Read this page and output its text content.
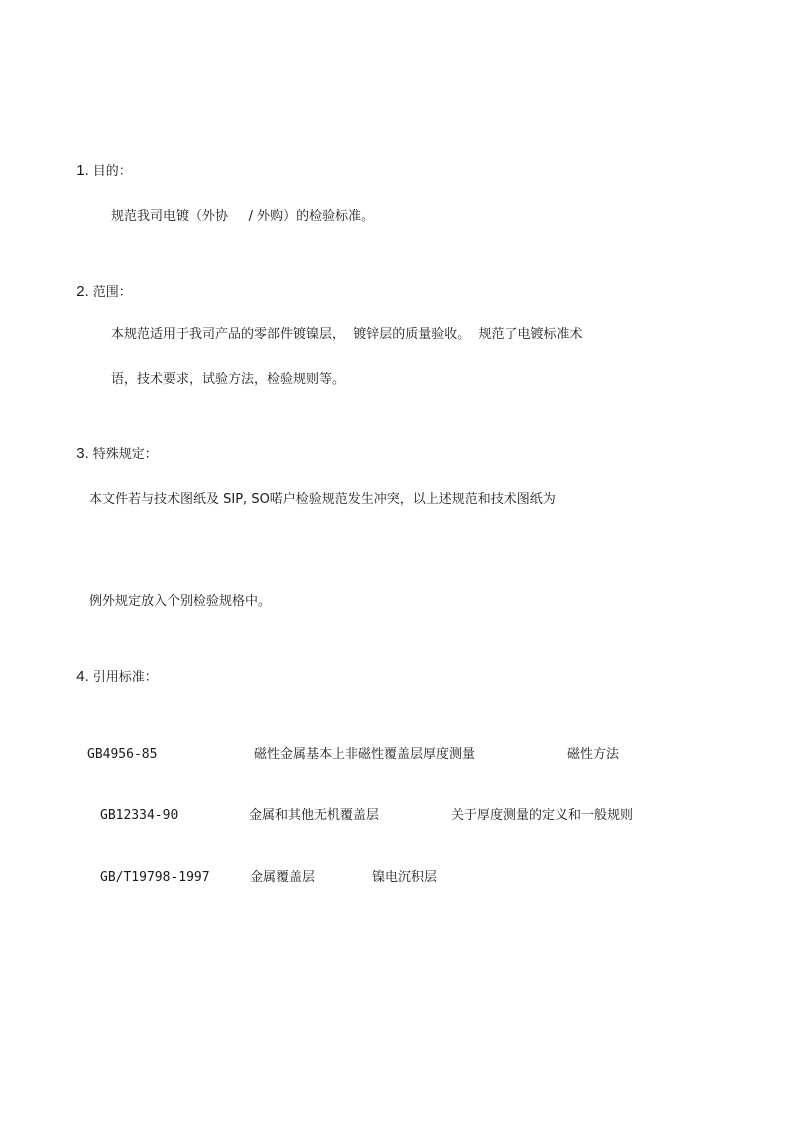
1. 目的：

规范我司电镀（外协     / 外购）的检验标准。

2. 范围：

本规范适用于我司产品的零部件镀镍层，  镀锌层的质量验收。  规范了电镀标准术
语，技术要求，试验方法，检验规则等。

3. 特殊规定：

本文件若与技术图纸及 SIP, SO喏户检验规范发生冲突，以上述规范和技术图纸为
例外规定放入个别检验规格中。

4. 引用标准：

GB4956-85	磁性金属基本上非磁性覆盖层厚度测量	磁性方法
GB12334-90	金属和其他无机覆盖层	关于厚度测量的定义和一般规则
GB/T19798-1997	金属覆盖层	镍电沉积层
